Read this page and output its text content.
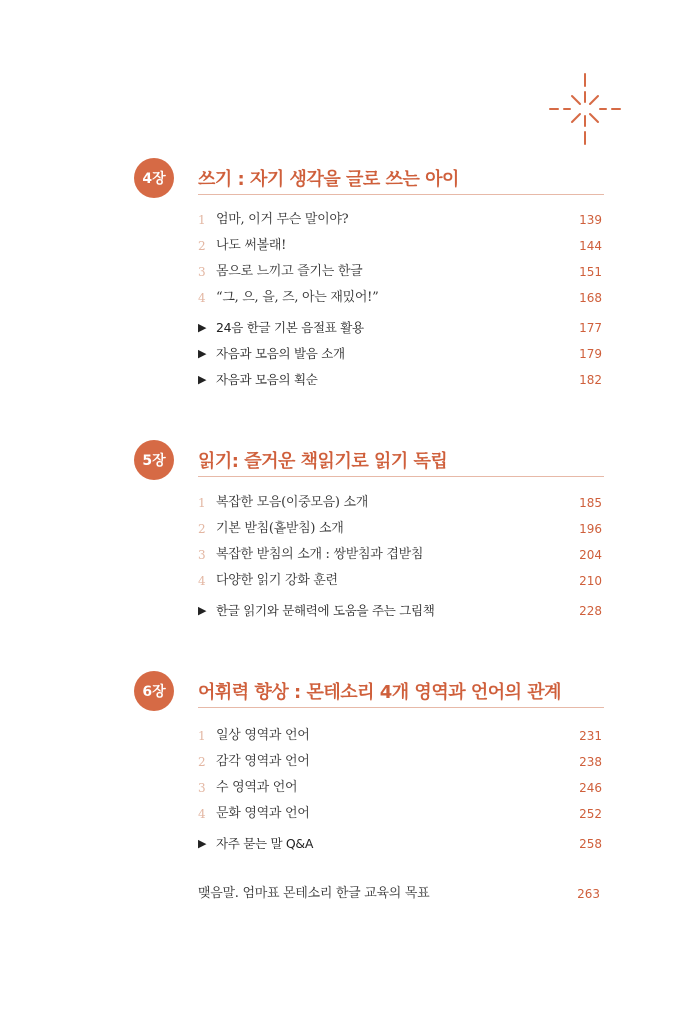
4장	쓰기 : 자기 생각을 글로 쓰는 아이
1 엄마, 이거 무슨 말이야?	139
2 나도 써볼래!	144
3 몸으로 느끼고 즐기는 한글	151
4 “그, 으, 을, 즈, 아는 재밌어!”	168
▶ 24음 한글 기본 음절표 활용	177
▶ 자음과 모음의 발음 소개	179
▶ 자음과 모음의 획순	182
5장	읽기: 즐거운 책읽기로 읽기 독립
1 복잡한 모음(이중모음) 소개	185
2 기본 받침(홑받침) 소개	196
3 복잡한 받침의 소개 : 쌍받침과 겹받침	204
4 다양한 읽기 강화 훈련	210
▶ 한글 읽기와 문해력에 도움을 주는 그림책	228
6장	어휘력 향상 : 몬테소리 4개 영역과 언어의 관계
1 일상 영역과 언어	231
2 감각 영역과 언어	238
3 수 영역과 언어	246
4 문화 영역과 언어	252
▶ 자주 묻는 말 Q&A	258
맺음말. 엄마표 몬테소리 한글 교육의 목표	263
